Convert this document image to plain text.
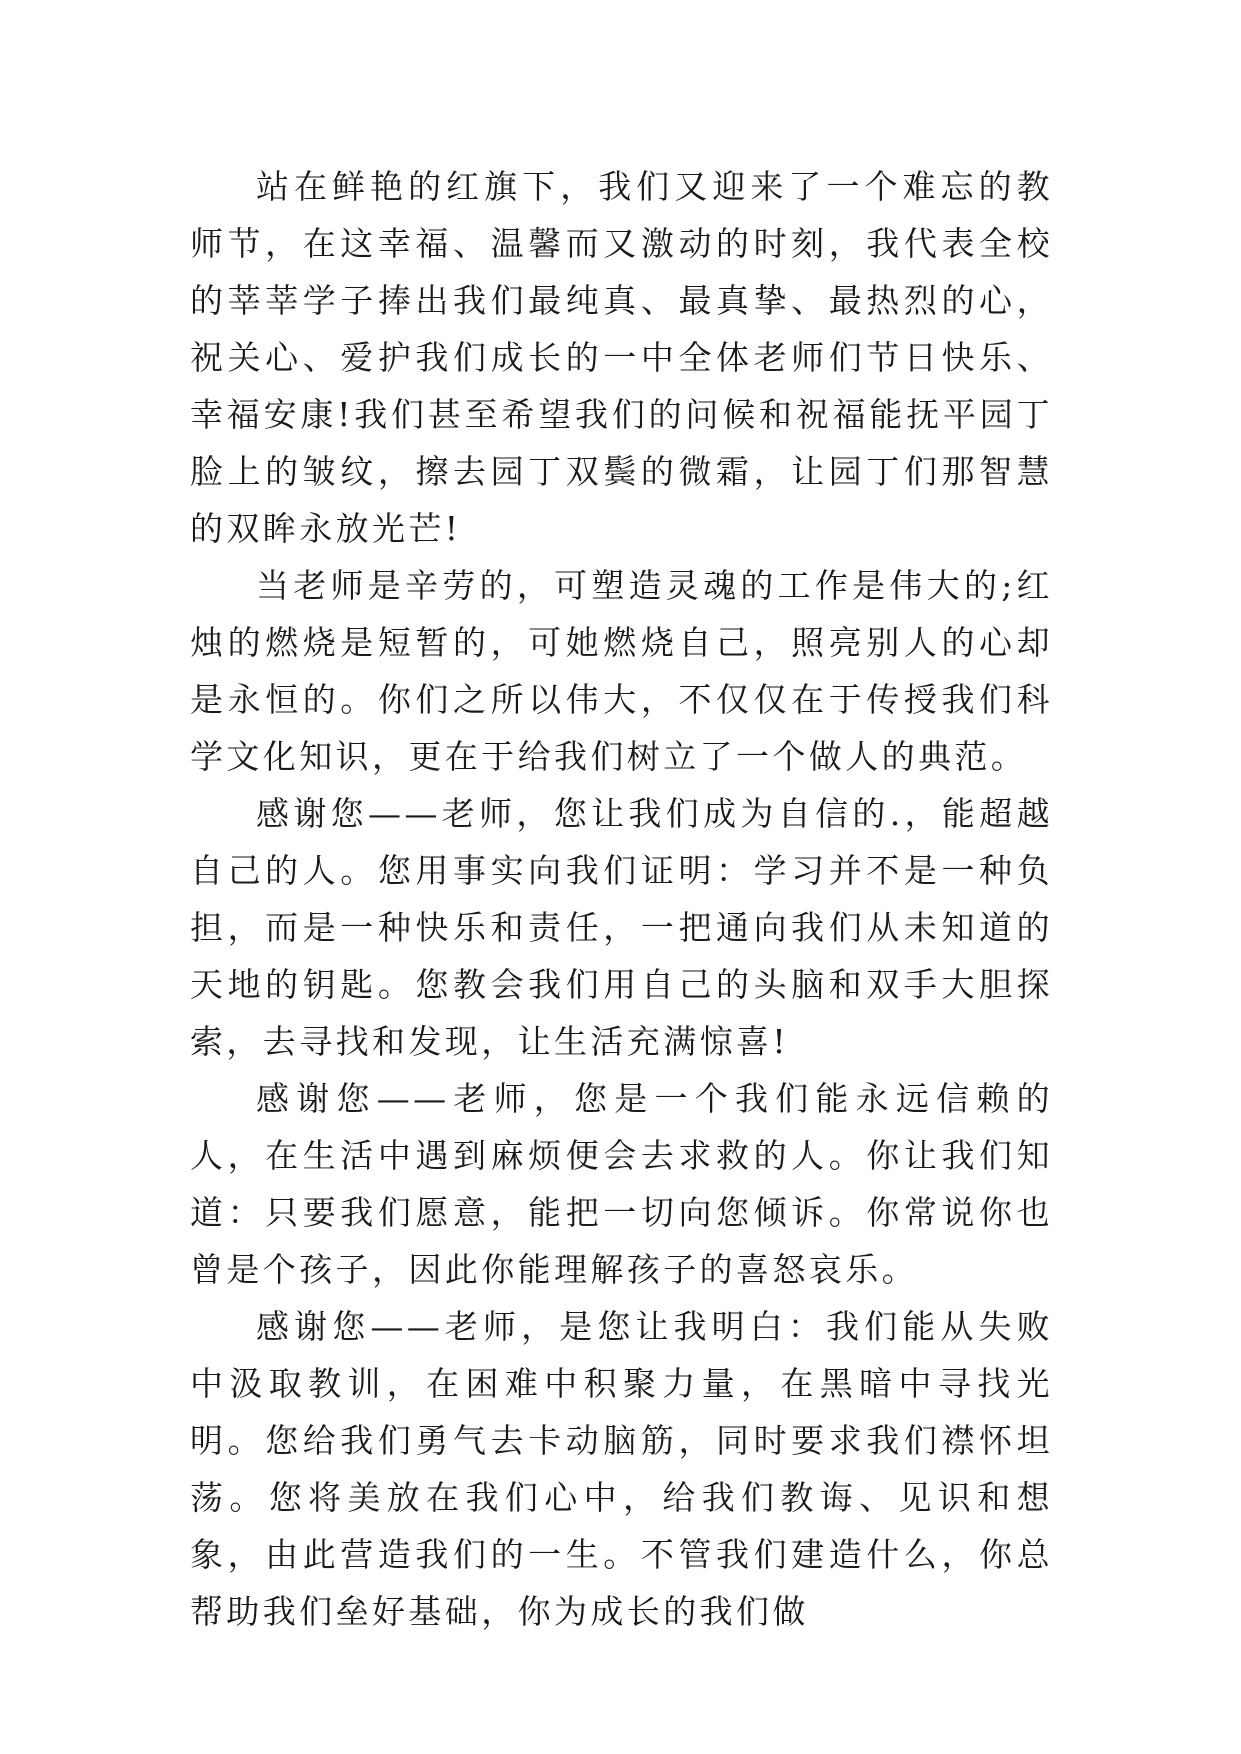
站在鲜艳的红旗下，我们又迎来了一个难忘的教师节，在这幸福、温馨而又激动的时刻，我代表全校的莘莘学子捧出我们最纯真、最真挚、最热烈的心，祝关心、爱护我们成长的一中全体老师们节日快乐、幸福安康!我们甚至希望我们的问候和祝福能抚平园丁脸上的皱纹，擦去园丁双鬓的微霜，让园丁们那智慧的双眸永放光芒!

当老师是辛劳的，可塑造灵魂的工作是伟大的;红烛的燃烧是短暂的，可她燃烧自己，照亮别人的心却是永恒的。你们之所以伟大，不仅仅在于传授我们科学文化知识，更在于给我们树立了一个做人的典范。

感谢您——老师，您让我们成为自信的.，能超越自己的人。您用事实向我们证明：学习并不是一种负担，而是一种快乐和责任，一把通向我们从未知道的天地的钥匙。您教会我们用自己的头脑和双手大胆探索，去寻找和发现，让生活充满惊喜!

感谢您——老师，您是一个我们能永远信赖的人，在生活中遇到麻烦便会去求救的人。你让我们知道：只要我们愿意，能把一切向您倾诉。你常说你也曾是个孩子，因此你能理解孩子的喜怒哀乐。

感谢您——老师，是您让我明白：我们能从失败中汲取教训，在困难中积聚力量，在黑暗中寻找光明。您给我们勇气去卡动脑筋，同时要求我们襟怀坦荡。您将美放在我们心中，给我们教诲、见识和想象，由此营造我们的一生。不管我们建造什么，你总帮助我们垒好基础，你为成长的我们做
